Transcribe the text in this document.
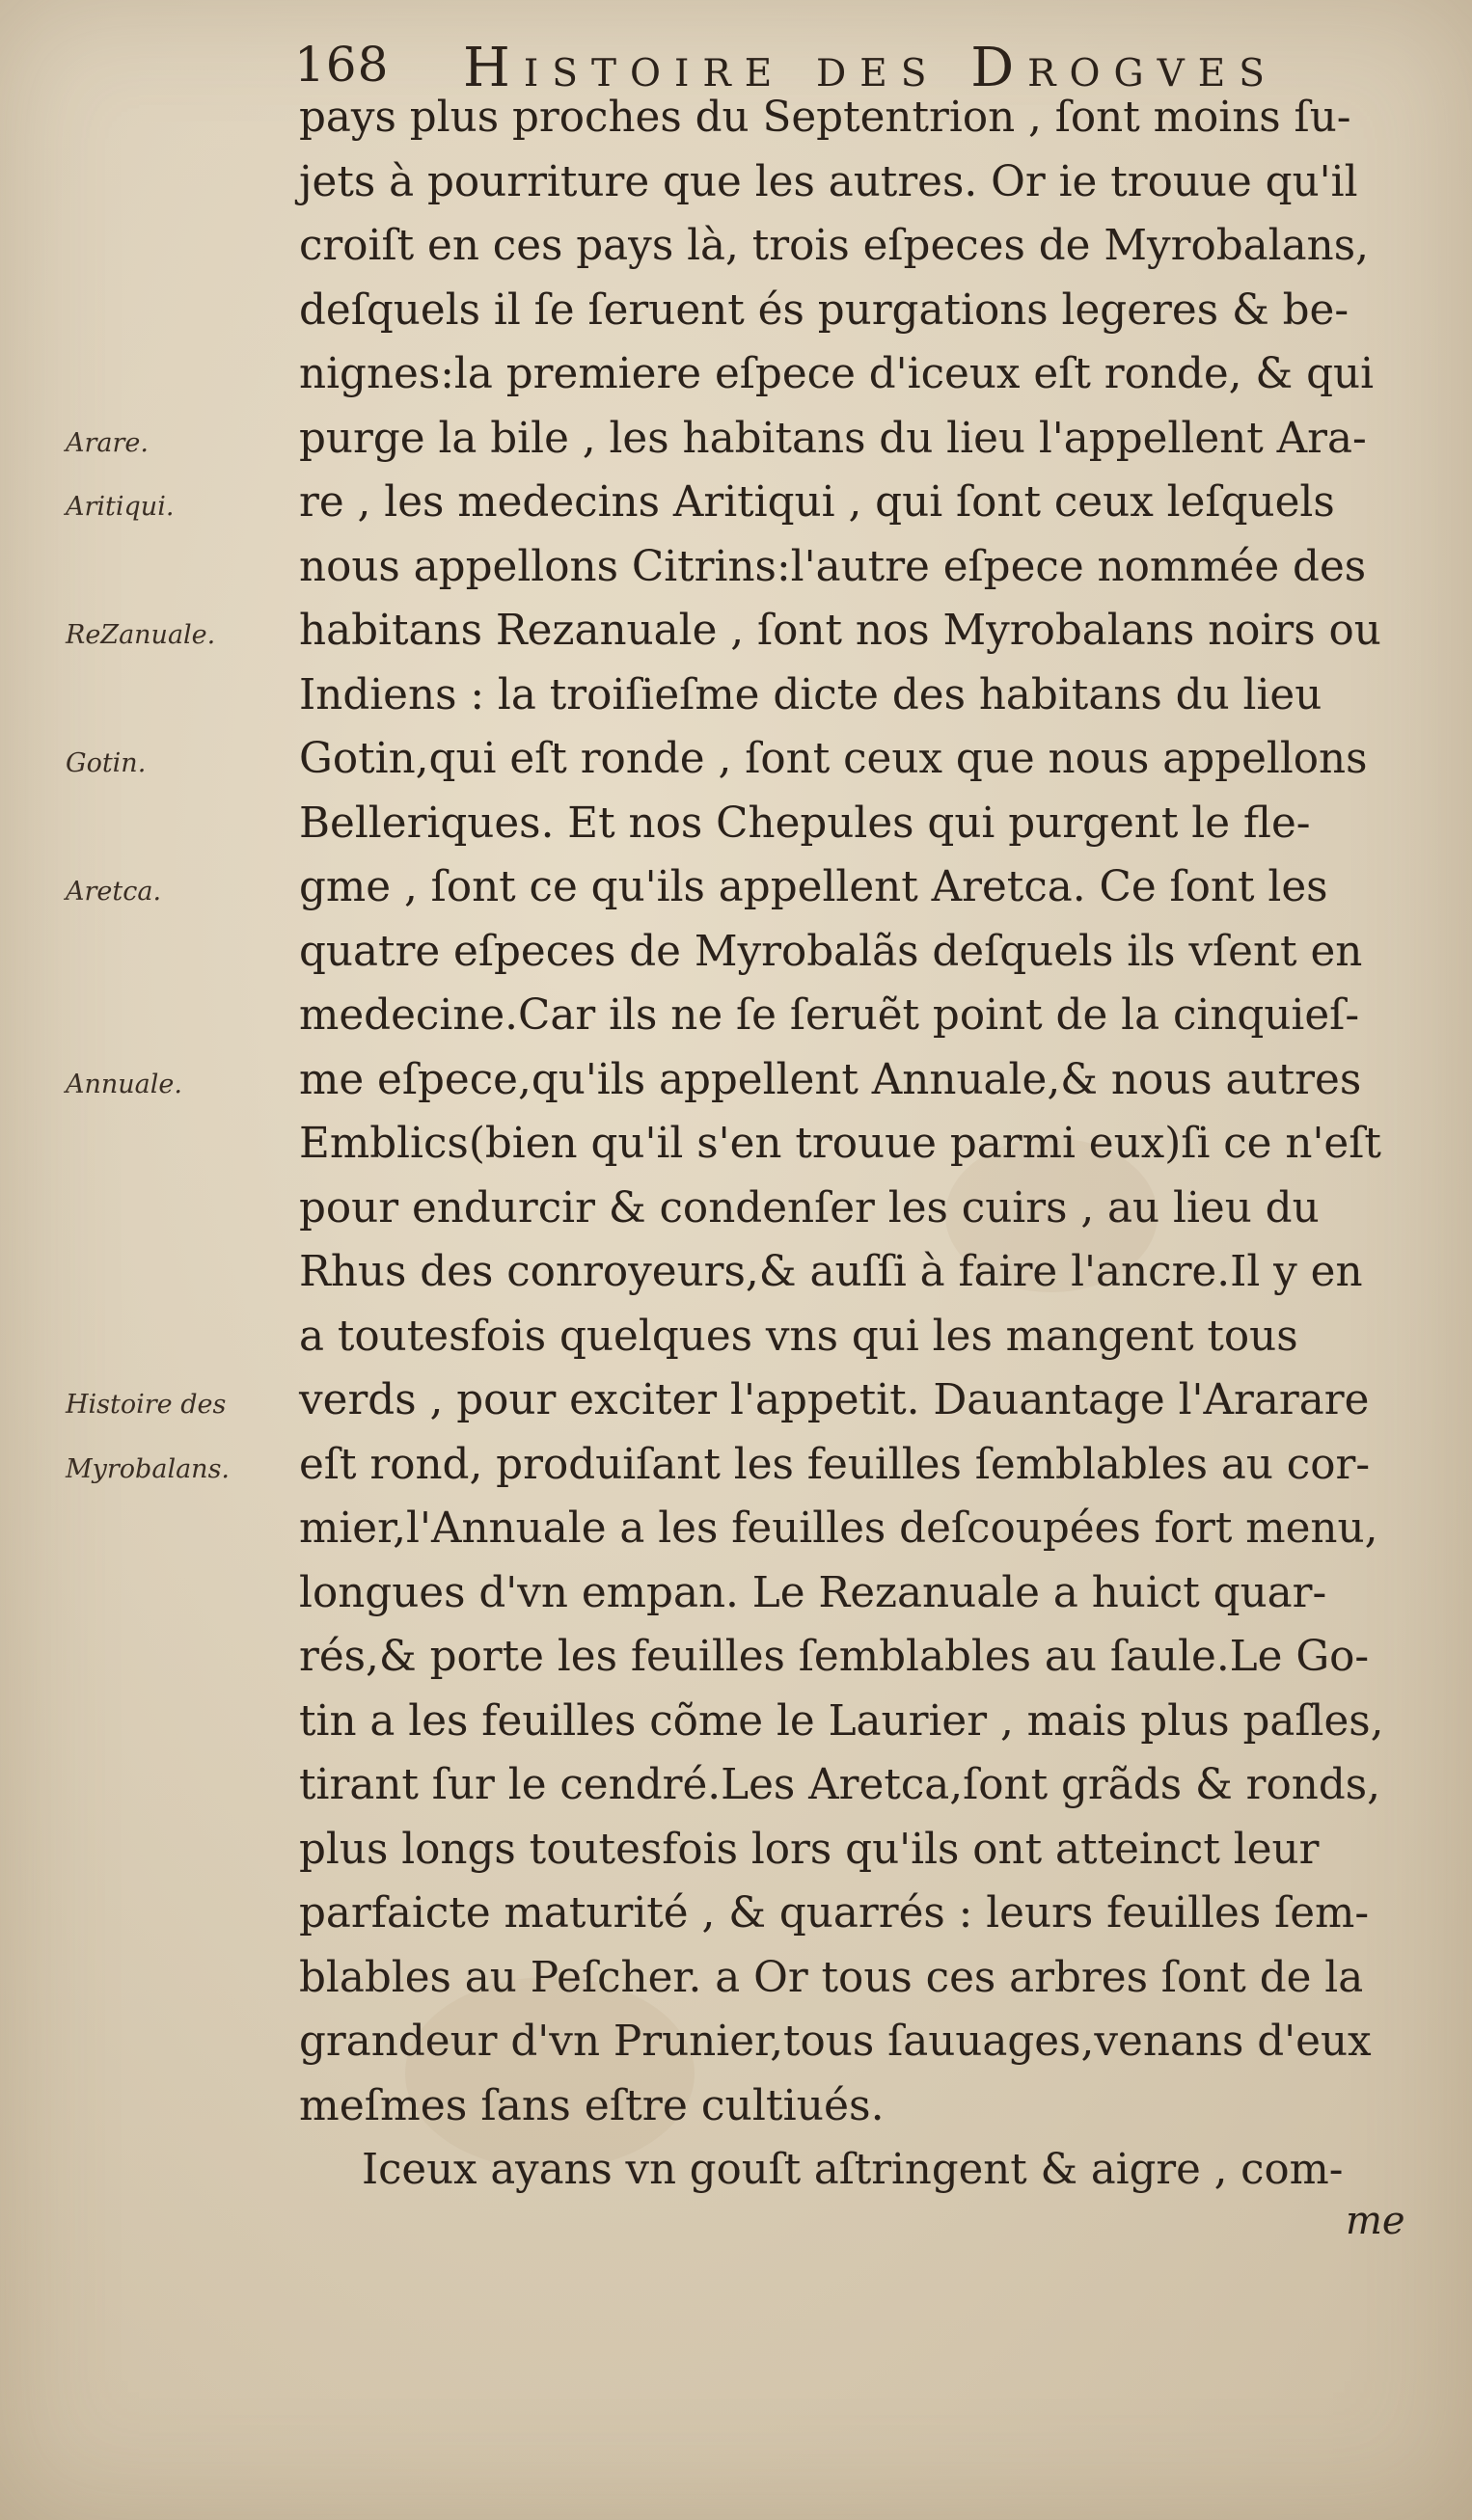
168 Histoire des Drogves
pays plus proches du Septentrion , ſont moins ſu-
jets à pourriture que les autres. Or ie trouue qu'il
croiſt en ces pays là, trois eſpeces de Myrobalans,
deſquels il ſe ſeruent és purgations legeres & be-
nignes:la premiere eſpece d'iceux eſt ronde, & qui
purge la bile , les habitans du lieu l'appellent Ara-
re , les medecins Aritiqui , qui ſont ceux leſquels
nous appellons Citrins:l'autre eſpece nommée des
habitans Rezanuale , ſont nos Myrobalans noirs ou
Indiens : la troiſieſme dicte des habitans du lieu
Gotin,qui eſt ronde , ſont ceux que nous appellons
Belleriques. Et nos Chepules qui purgent le fle-
gme , ſont ce qu'ils appellent Aretca. Ce ſont les
quatre eſpeces de Myrobalãs deſquels ils vſent en
medecine.Car ils ne ſe ſeruẽt point de la cinquieſ-
me eſpece,qu'ils appellent Annuale,& nous autres
Emblics(bien qu'il s'en trouue parmi eux)ſi ce n'eſt
pour endurcir & condenſer les cuirs , au lieu du
Rhus des conroyeurs,& auſſi à faire l'ancre.Il y en
a toutesfois quelques vns qui les mangent tous
verds , pour exciter l'appetit. Dauantage l'Ararare
eſt rond, produiſant les feuilles ſemblables au cor-
mier,l'Annuale a les feuilles deſcoupées fort menu,
longues d'vn empan. Le Rezanuale a huict quar-
rés,& porte les feuilles ſemblables au ſaule.Le Go-
tin a les feuilles cõme le Laurier , mais plus paſles,
tirant ſur le cendré.Les Aretca,ſont grãds & ronds,
plus longs toutesfois lors qu'ils ont atteinct leur
parfaicte maturité , & quarrés : leurs feuilles ſem-
blables au Peſcher. a Or tous ces arbres ſont de la
grandeur d'vn Prunier,tous ſauuages,venans d'eux
meſmes ſans eſtre cultiués.
Iceux ayans vn gouſt aſtringent & aigre , com-
Arare.
Aritiqui.
ReZanuale.
Gotin.
Aretca.
Annuale.
Histoire des
Myrobalans.
me
